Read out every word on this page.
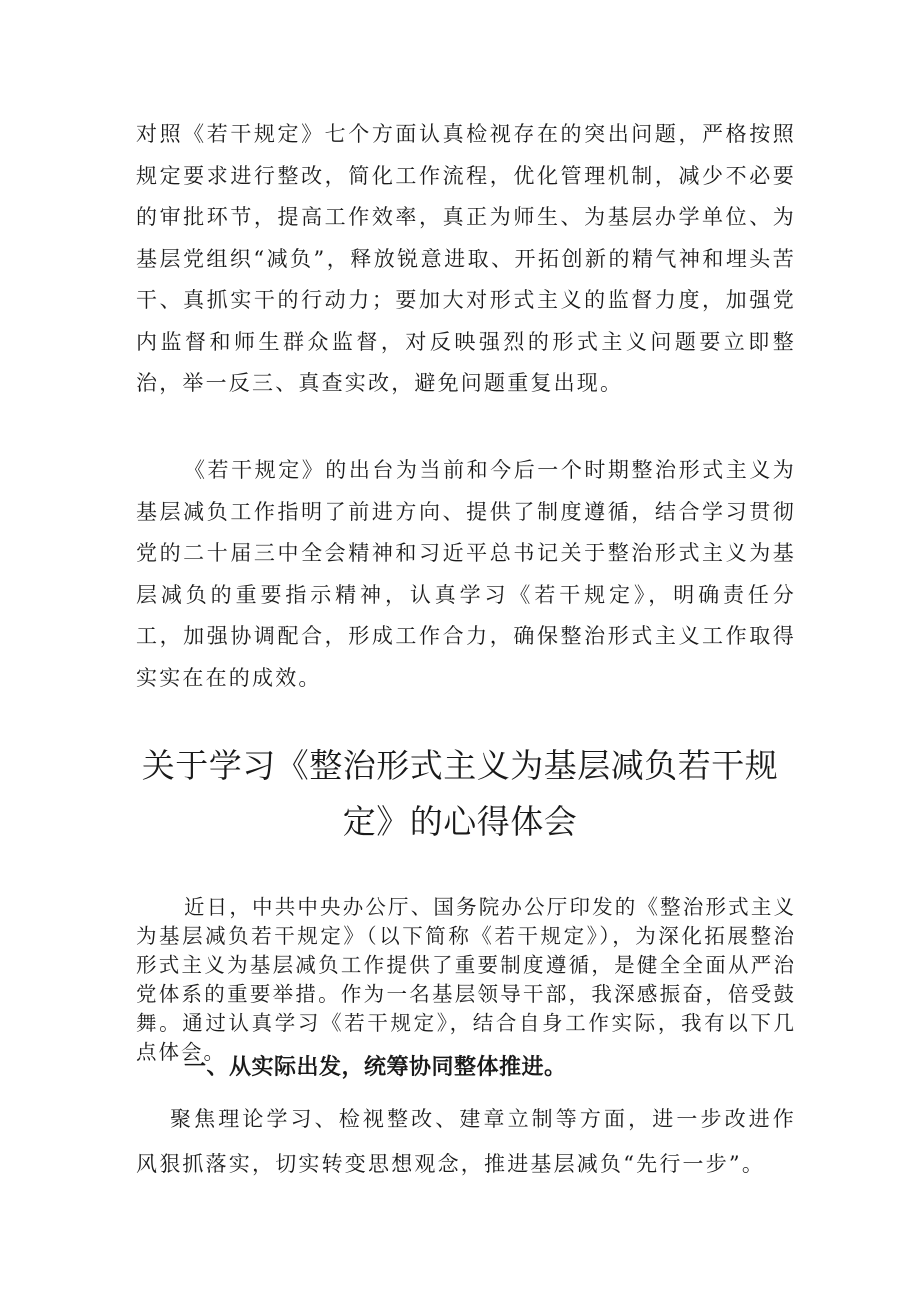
对照《若干规定》七个方面认真检视存在的突出问题，严格按照规定要求进行整改，简化工作流程，优化管理机制，减少不必要的审批环节，提高工作效率，真正为师生、为基层办学单位、为基层党组织“减负”，释放锐意进取、开拓创新的精气神和埋头苦干、真抓实干的行动力；要加大对形式主义的监督力度，加强党内监督和师生群众监督，对反映强烈的形式主义问题要立即整治，举一反三、真查实改，避免问题重复出现。

《若干规定》的出台为当前和今后一个时期整治形式主义为基层减负工作指明了前进方向、提供了制度遵循，结合学习贯彻党的二十届三中全会精神和习近平总书记关于整治形式主义为基层减负的重要指示精神，认真学习《若干规定》，明确责任分工，加强协调配合，形成工作合力，确保整治形式主义工作取得实实在在的成效。

关于学习《整治形式主义为基层减负若干规定》的心得体会

近日，中共中央办公厅、国务院办公厅印发的《整治形式主义为基层减负若干规定》（以下简称《若干规定》），为深化拓展整治形式主义为基层减负工作提供了重要制度遵循，是健全全面从严治党体系的重要举措。作为一名基层领导干部，我深感振奋，倍受鼓舞。通过认真学习《若干规定》，结合自身工作实际，我有以下几点体会。

一、从实际出发，统筹协同整体推进。

聚焦理论学习、检视整改、建章立制等方面，进一步改进作风狠抓落实，切实转变思想观念，推进基层减负“先行一步”。
